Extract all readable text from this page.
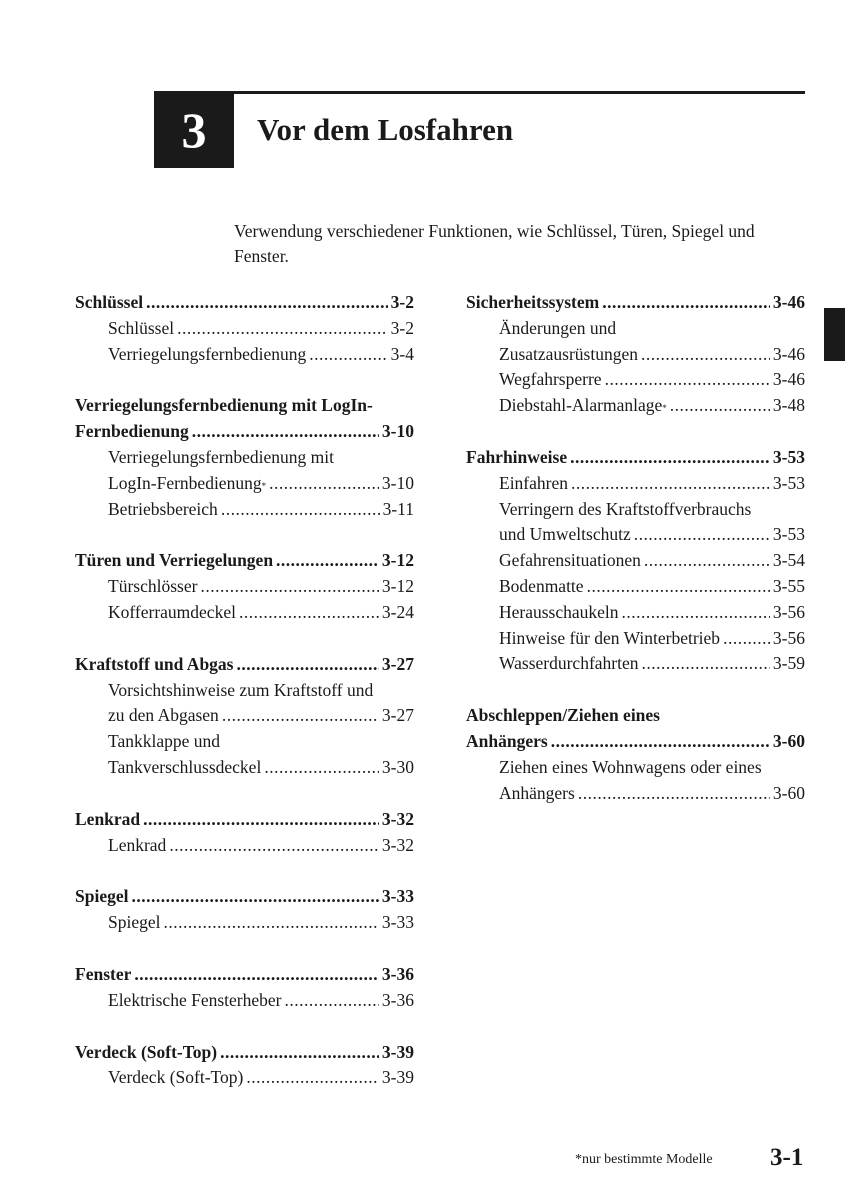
3 Vor dem Losfahren
Verwendung verschiedener Funktionen, wie Schlüssel, Türen, Spiegel und Fenster.
Schlüssel .....	3-2
Schlüssel .....	3-2
Verriegelungsfernbedienung .....	3-4
Verriegelungsfernbedienung mit LogIn-
Fernbedienung .....	3-10
Verriegelungsfernbedienung mit
LogIn-Fernbedienung * .....	3-10
Betriebsbereich .....	3-11
Türen und Verriegelungen .....	3-12
Türschlösser .....	3-12
Kofferraumdeckel .....	3-24
Kraftstoff und Abgas .....	3-27
Vorsichtshinweise zum Kraftstoff und
zu den Abgasen .....	3-27
Tankklappe und
Tankverschlussdeckel .....	3-30
Lenkrad .....	3-32
Lenkrad .....	3-32
Spiegel .....	3-33
Spiegel .....	3-33
Fenster .....	3-36
Elektrische Fensterheber .....	3-36
Verdeck (Soft-Top) .....	3-39
Verdeck (Soft-Top) .....	3-39
Sicherheitssystem .....	3-46
Änderungen und
Zusatzausrüstungen .....	3-46
Wegfahrsperre .....	3-46
Diebstahl-Alarmanlage * .....	3-48
Fahrhinweise .....	3-53
Einfahren .....	3-53
Verringern des Kraftstoffverbrauchs
und Umweltschutz .....	3-53
Gefahrensituationen .....	3-54
Bodenmatte .....	3-55
Herausschaukeln .....	3-56
Hinweise für den Winterbetrieb .....	3-56
Wasserdurchfahrten .....	3-59
Abschleppen/Ziehen eines
Anhängers .....	3-60
Ziehen eines Wohnwagens oder eines
Anhängers .....	3-60
*nur bestimmte Modelle 3-1
